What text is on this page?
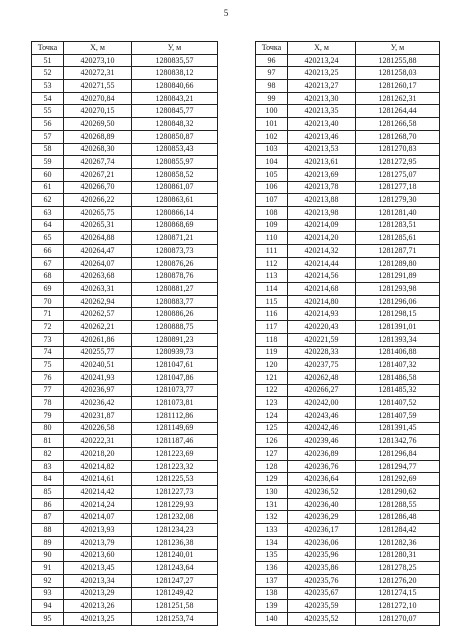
5
Точка	X, м	У, м
51	420273,10	1280835,57
52	420272,31	1280838,12
53	420271,55	1280840,66
54	420270,84	1280843,21
55	420270,15	1280845,77
56	420269,50	1280848,32
57	420268,89	1280850,87
58	420268,30	1280853,43
59	420267,74	1280855,97
60	420267,21	1280858,52
61	420266,70	1280861,07
62	420266,22	1280863,61
63	420265,75	1280866,14
64	420265,31	1280868,69
65	420264,88	1280871,21
66	420264,47	1280873,73
67	420264,07	1280876,26
68	420263,68	1280878,76
69	420263,31	1280881,27
70	420262,94	1280883,77
71	420262,57	1280886,26
72	420262,21	1280888,75
73	420261,86	1280891,23
74	420255,77	1280939,73
75	420240,51	1281047,61
76	420241,93	1281047,86
77	420236,97	1281073,77
78	420236,42	1281073,81
79	420231,87	1281112,86
80	420226,58	1281149,69
81	420222,31	1281187,46
82	420218,20	1281223,69
83	420214,82	1281223,32
84	420214,61	1281225,53
85	420214,42	1281227,73
86	420214,24	1281229,93
87	420214,07	1281232,08
88	420213,93	1281234,23
89	420213,79	1281236,38
90	420213,60	1281240,01
91	420213,45	1281243,64
92	420213,34	1281247,27
93	420213,29	1281249,42
94	420213,26	1281251,58
95	420213,25	1281253,74
Точка	X, м	У, м
96	420213,24	1281255,88
97	420213,25	1281258,03
98	420213,27	1281260,17
99	420213,30	1281262,31
100	420213,35	1281264,44
101	420213,40	1281266,58
102	420213,46	1281268,70
103	420213,53	1281270,83
104	420213,61	1281272,95
105	420213,69	1281275,07
106	420213,78	1281277,18
107	420213,88	1281279,30
108	420213,98	1281281,40
109	420214,09	1281283,51
110	420214,20	1281285,61
111	420214,32	1281287,71
112	420214,44	1281289,80
113	420214,56	1281291,89
114	420214,68	1281293,98
115	420214,80	1281296,06
116	420214,93	1281298,15
117	420220,43	1281391,01
118	420221,59	1281393,34
119	420228,33	1281406,88
120	420237,75	1281407,32
121	420262,48	1281486,58
122	420266,27	1281485,32
123	420242,00	1281407,52
124	420243,46	1281407,59
125	420242,46	1281391,45
126	420239,46	1281342,76
127	420236,89	1281296,84
128	420236,76	1281294,77
129	420236,64	1281292,69
130	420236,52	1281290,62
131	420236,40	1281288,55
132	420236,29	1281286,48
133	420236,17	1281284,42
134	420236,06	1281282,36
135	420235,96	1281280,31
136	420235,86	1281278,25
137	420235,76	1281276,20
138	420235,67	1281274,15
139	420235,59	1281272,10
140	420235,52	1281270,07
